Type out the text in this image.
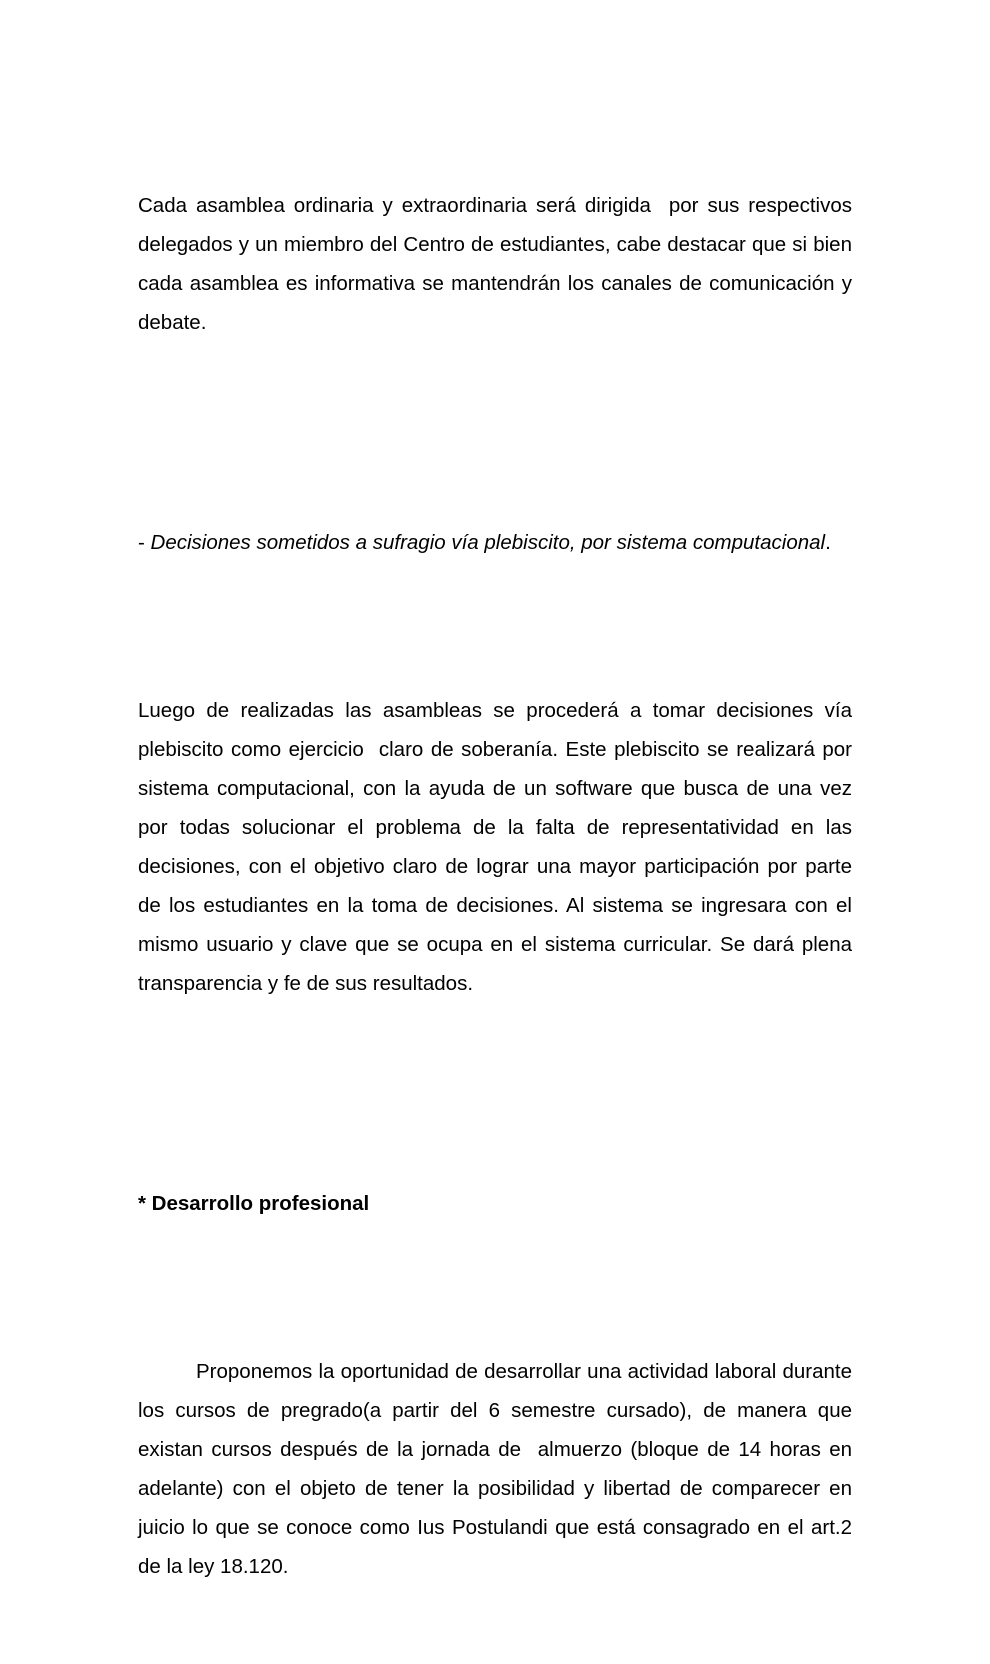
Cada asamblea ordinaria y extraordinaria será dirigida  por sus respectivos delegados y un miembro del Centro de estudiantes, cabe destacar que si bien cada asamblea es informativa se mantendrán los canales de comunicación y debate.

- Decisiones sometidos a sufragio vía plebiscito, por sistema computacional.

Luego de realizadas las asambleas se procederá a tomar decisiones vía plebiscito como ejercicio  claro de soberanía. Este plebiscito se realizará por sistema computacional, con la ayuda de un software que busca de una vez por todas solucionar el problema de la falta de representatividad en las decisiones, con el objetivo claro de lograr una mayor participación por parte de los estudiantes en la toma de decisiones. Al sistema se ingresara con el mismo usuario y clave que se ocupa en el sistema curricular. Se dará plena transparencia y fe de sus resultados.

* Desarrollo profesional

Proponemos la oportunidad de desarrollar una actividad laboral durante los cursos de pregrado(a partir del 6 semestre cursado), de manera que existan cursos después de la jornada de  almuerzo (bloque de 14 horas en adelante) con el objeto de tener la posibilidad y libertad de comparecer en juicio lo que se conoce como Ius Postulandi que está consagrado en el art.2 de la ley 18.120.
